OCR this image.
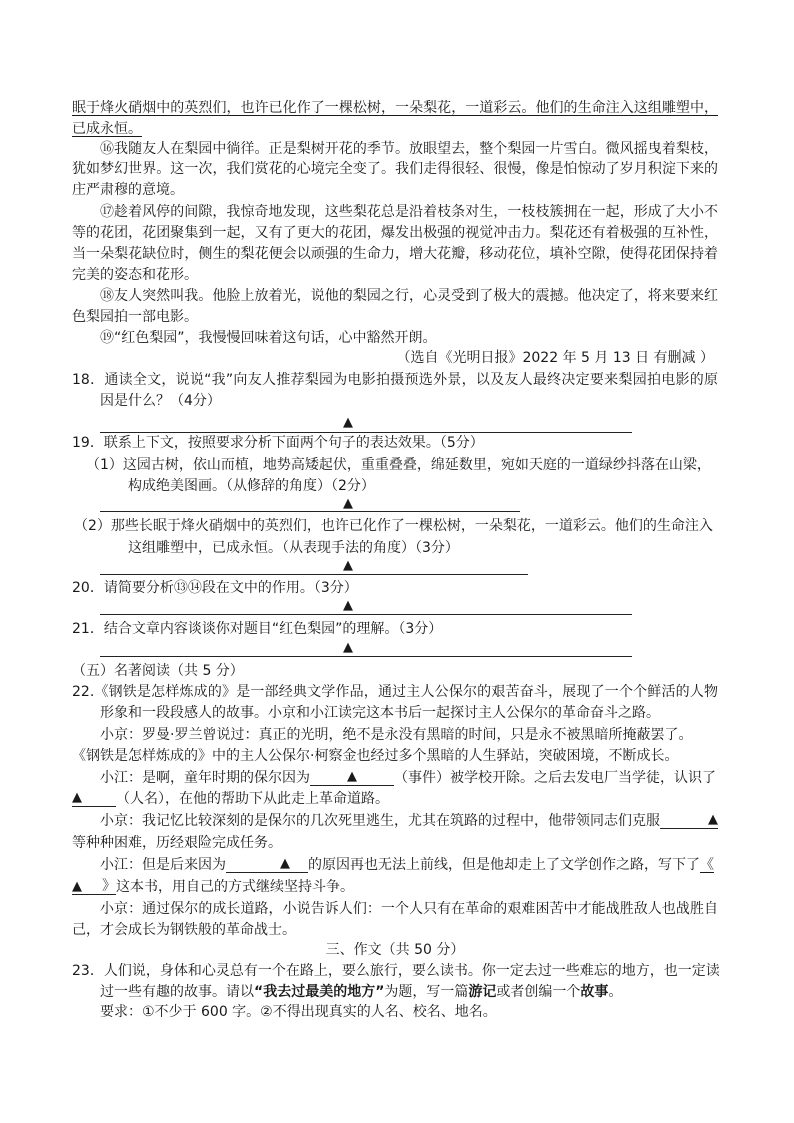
眠于烽火硝烟中的英烈们，也许已化作了一棵松树，一朵梨花，一道彩云。他们的生命注入这组雕塑中，
已成永恒。
⑯我随友人在梨园中徜徉。正是梨树开花的季节。放眼望去，整个梨园一片雪白。微风摇曳着梨枝，
犹如梦幻世界。这一次，我们赏花的心境完全变了。我们走得很轻、很慢，像是怕惊动了岁月积淀下来的
庄严肃穆的意境。
⑰趁着风停的间隙，我惊奇地发现，这些梨花总是沿着枝条对生，一枝枝簇拥在一起，形成了大小不
等的花团，花团聚集到一起，又有了更大的花团，爆发出极强的视觉冲击力。梨花还有着极强的互补性，
当一朵梨花缺位时，侧生的梨花便会以顽强的生命力，增大花瓣，移动花位，填补空隙，使得花团保持着
完美的姿态和花形。
⑱友人突然叫我。他脸上放着光，说他的梨园之行，心灵受到了极大的震撼。他决定了，将来要来红
色梨园拍一部电影。
⑲“红色梨园”，我慢慢回味着这句话，心中豁然开朗。
（选自《光明日报》2022 年 5 月 13 日 有删减 ）
18．通读全文，说说“我”向友人推荐梨园为电影拍摄预选外景，以及友人最终决定要来梨园拍电影的原
因是什么？（4分）
▲
19．联系上下文，按照要求分析下面两个句子的表达效果。（5分）
（1）这园古树，依山而植，地势高矮起伏，重重叠叠，绵延数里，宛如天庭的一道绿纱抖落在山梁，
构成绝美图画。（从修辞的角度）（2分）
▲
（2）那些长眠于烽火硝烟中的英烈们，也许已化作了一棵松树，一朵梨花，一道彩云。他们的生命注入
这组雕塑中，已成永恒。（从表现手法的角度）（3分）
▲
20．请简要分析⑬⑭段在文中的作用。（3分）
▲
21．结合文章内容谈谈你对题目“红色梨园”的理解。（3分）
▲
（五）名著阅读（共 5 分）
22.《钢铁是怎样炼成的》是一部经典文学作品，通过主人公保尔的艰苦奋斗，展现了一个个鲜活的人物
形象和一段段感人的故事。小京和小江读完这本书后一起探讨主人公保尔的革命奋斗之路。
小京：罗曼·罗兰曾说过：真正的光明，绝不是永没有黑暗的时间，只是永不被黑暗所掩蔽罢了。
《钢铁是怎样炼成的》中的主人公保尔·柯察金也经过多个黑暗的人生驿站，突破困境，不断成长。
小江：是啊，童年时期的保尔因为	▲	（事件）被学校开除。之后去发电厂当学徒，认识了
▲ （人名），在他的帮助下从此走上革命道路。
小京：我记忆比较深刻的是保尔的几次死里逃生，尤其在筑路的过程中，他带领同志们克服	▲
等种种困难，历经艰险完成任务。
小江：但是后来因为	▲ 的原因再也无法上前线，但是他却走上了文学创作之路，写下了《
▲ 》这本书，用自己的方式继续坚持斗争。
小京：通过保尔的成长道路，小说告诉人们：一个人只有在革命的艰难困苦中才能战胜敌人也战胜自
己，才会成长为钢铁般的革命战士。
三、作文（共 50 分）
23．人们说，身体和心灵总有一个在路上，要么旅行，要么读书。你一定去过一些难忘的地方，也一定读
过一些有趣的故事。请以“我去过最美的地方”为题，写一篇游记或者创编一个故事。
要求：①不少于 600 字。②不得出现真实的人名、校名、地名。
